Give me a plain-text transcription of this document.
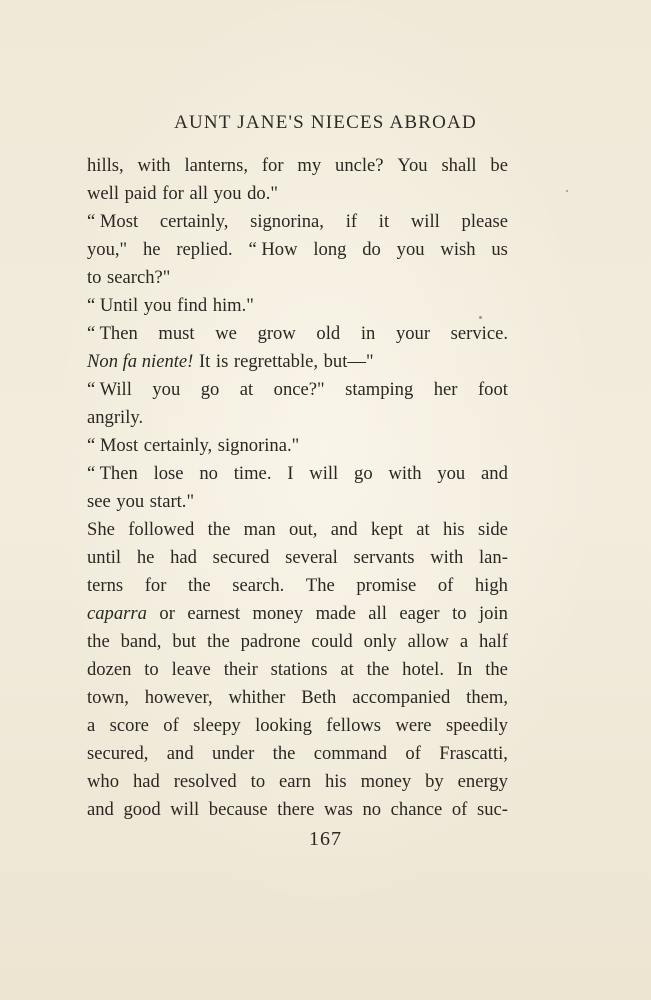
AUNT JANE'S NIECES ABROAD
hills, with lanterns, for my uncle? You shall be
well paid for all you do."
“ Most certainly, signorina, if it will please
you," he replied. “ How long do you wish us
to search?"
“ Until you find him."
“ Then must we grow old in your service.
Non fa niente! It is regrettable, but—"
“ Will you go at once?" stamping her foot
angrily.
“ Most certainly, signorina."
“ Then lose no time. I will go with you and
see you start."
She followed the man out, and kept at his side
until he had secured several servants with lan-
terns for the search. The promise of high
caparra or earnest money made all eager to join
the band, but the padrone could only allow a half
dozen to leave their stations at the hotel. In the
town, however, whither Beth accompanied them,
a score of sleepy looking fellows were speedily
secured, and under the command of Frascatti,
who had resolved to earn his money by energy
and good will because there was no chance of suc-
167
